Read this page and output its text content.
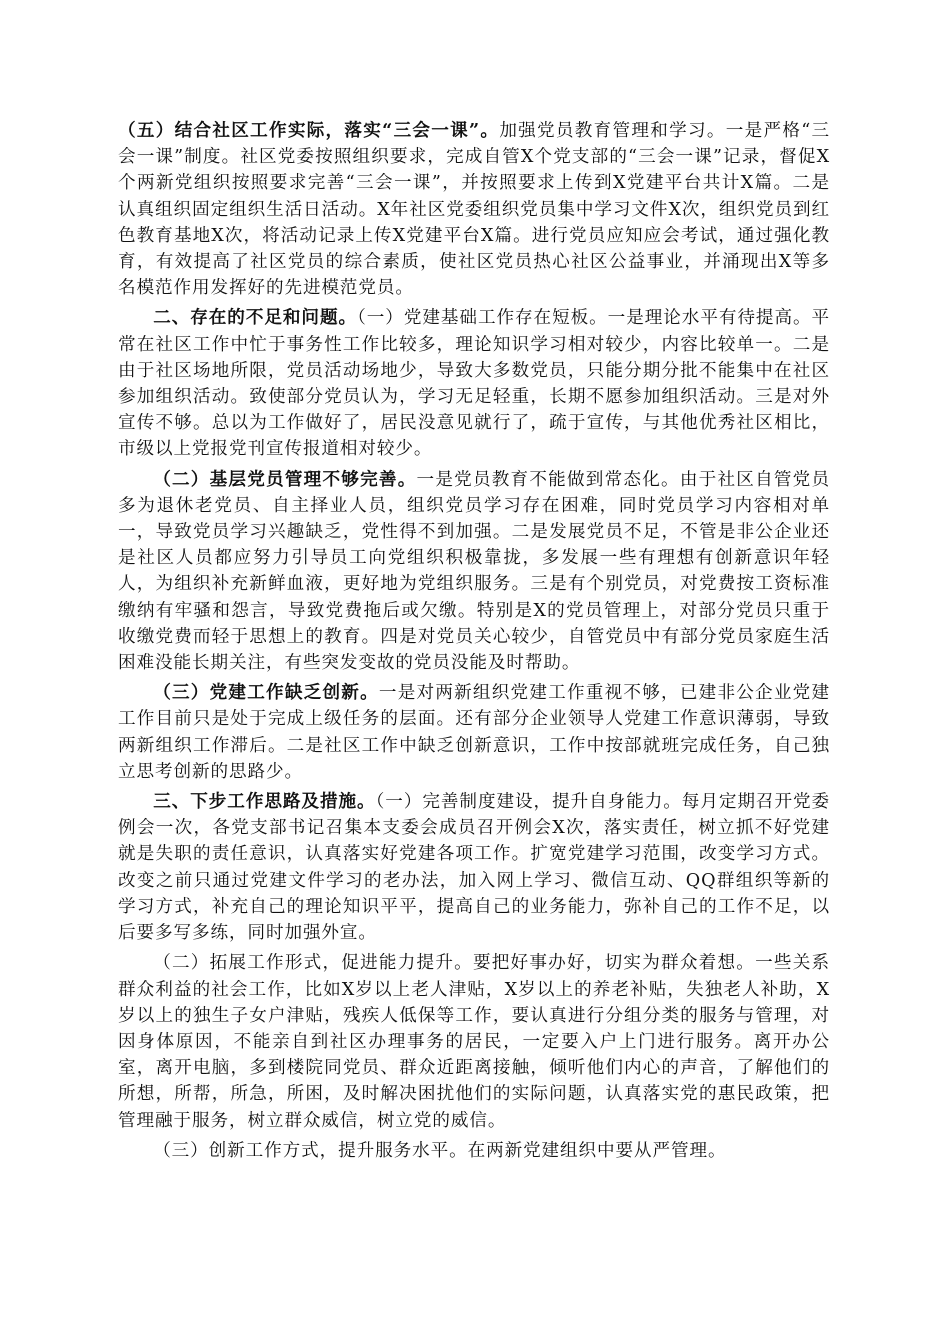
（五）结合社区工作实际，落实“三会一课”。加强党员教育管理和学习。一是严格“三会一课”制度。社区党委按照组织要求，完成自管X个党支部的“三会一课”记录，督促X个两新党组织按照要求完善“三会一课”，并按照要求上传到X党建平台共计X篇。二是认真组织固定组织生活日活动。X年社区党委组织党员集中学习文件X次，组织党员到红色教育基地X次，将活动记录上传X党建平台X篇。进行党员应知应会考试，通过强化教育，有效提高了社区党员的综合素质，使社区党员热心社区公益事业，并涌现出X等多名模范作用发挥好的先进模范党员。

二、存在的不足和问题。（一）党建基础工作存在短板。一是理论水平有待提高。平常在社区工作中忙于事务性工作比较多，理论知识学习相对较少，内容比较单一。二是由于社区场地所限，党员活动场地少，导致大多数党员，只能分期分批不能集中在社区参加组织活动。致使部分党员认为，学习无足轻重，长期不愿参加组织活动。三是对外宣传不够。总以为工作做好了，居民没意见就行了，疏于宣传，与其他优秀社区相比，市级以上党报党刊宣传报道相对较少。

（二）基层党员管理不够完善。一是党员教育不能做到常态化。由于社区自管党员多为退休老党员、自主择业人员，组织党员学习存在困难，同时党员学习内容相对单一，导致党员学习兴趣缺乏，党性得不到加强。二是发展党员不足，不管是非公企业还是社区人员都应努力引导员工向党组织积极靠拢，多发展一些有理想有创新意识年轻人，为组织补充新鲜血液，更好地为党组织服务。三是有个别党员，对党费按工资标准缴纳有牢骚和怨言，导致党费拖后或欠缴。特别是X的党员管理上，对部分党员只重于收缴党费而轻于思想上的教育。四是对党员关心较少，自管党员中有部分党员家庭生活困难没能长期关注，有些突发变故的党员没能及时帮助。

（三）党建工作缺乏创新。一是对两新组织党建工作重视不够，已建非公企业党建工作目前只是处于完成上级任务的层面。还有部分企业领导人党建工作意识薄弱，导致两新组织工作滞后。二是社区工作中缺乏创新意识，工作中按部就班完成任务，自己独立思考创新的思路少。

三、下步工作思路及措施。（一）完善制度建设，提升自身能力。每月定期召开党委例会一次，各党支部书记召集本支委会成员召开例会X次，落实责任，树立抓不好党建就是失职的责任意识，认真落实好党建各项工作。扩宽党建学习范围，改变学习方式。改变之前只通过党建文件学习的老办法，加入网上学习、微信互动、QQ群组织等新的学习方式，补充自己的理论知识平平，提高自己的业务能力，弥补自己的工作不足，以后要多写多练，同时加强外宣。

（二）拓展工作形式，促进能力提升。要把好事办好，切实为群众着想。一些关系群众利益的社会工作，比如X岁以上老人津贴，X岁以上的养老补贴，失独老人补助，X岁以上的独生子女户津贴，残疾人低保等工作，要认真进行分组分类的服务与管理，对因身体原因，不能亲自到社区办理事务的居民，一定要入户上门进行服务。离开办公室，离开电脑，多到楼院同党员、群众近距离接触，倾听他们内心的声音，了解他们的所想，所帮，所急，所困，及时解决困扰他们的实际问题，认真落实党的惠民政策，把管理融于服务，树立群众威信，树立党的威信。

（三）创新工作方式，提升服务水平。在两新党建组织中要从严管理。
